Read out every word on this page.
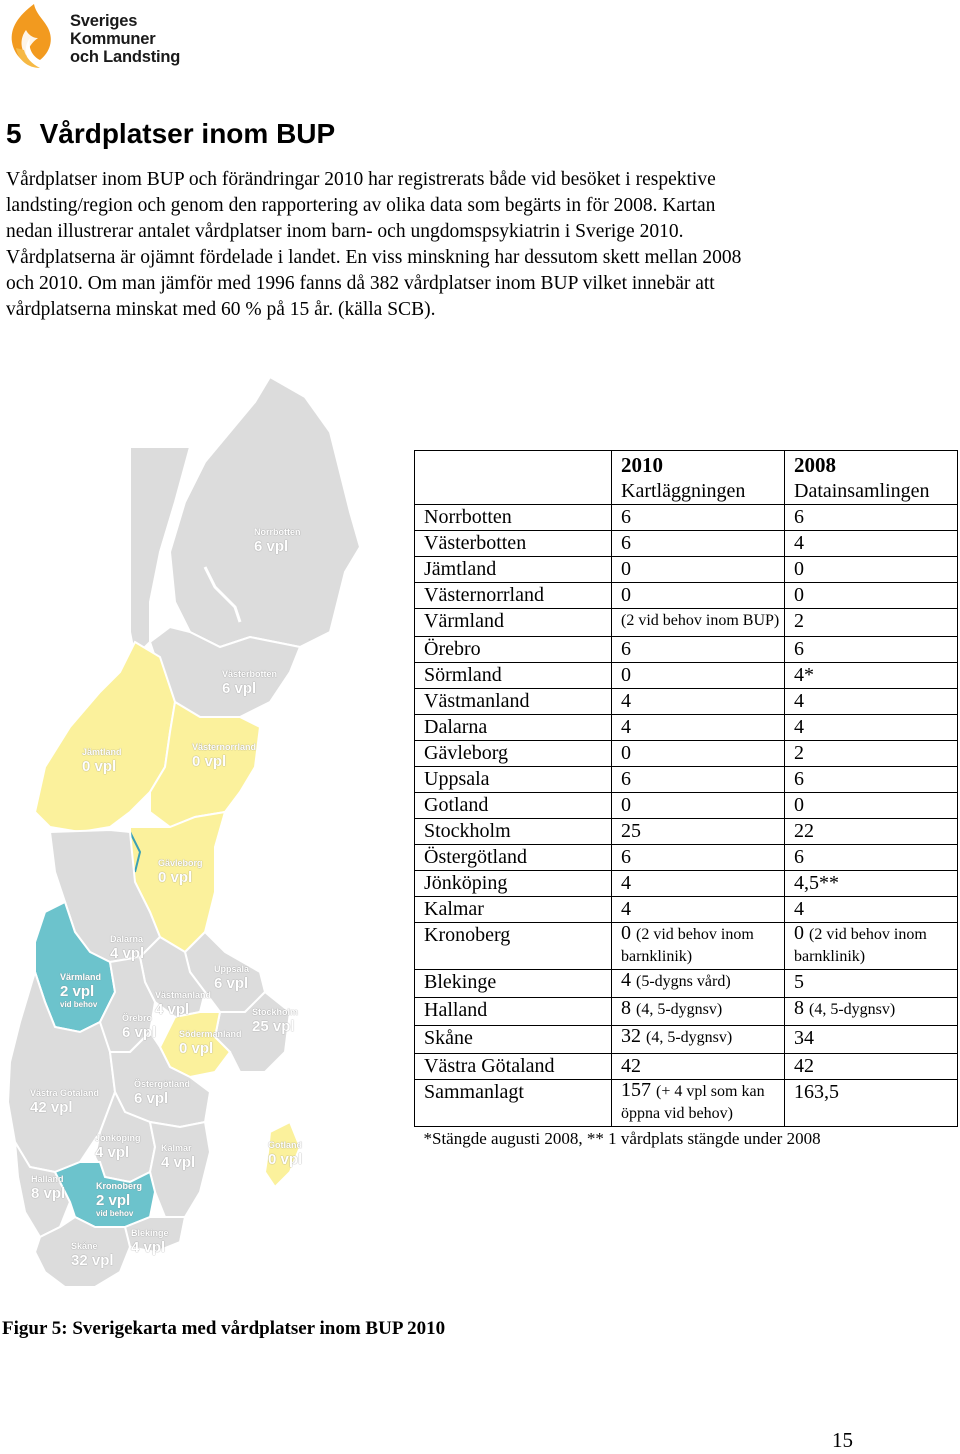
Sveriges
Kommuner
och Landsting
5 Vårdplatser inom BUP
Vårdplatser inom BUP och förändringar 2010 har registrerats både vid besöket i respektive
landsting/region och genom den rapportering av olika data som begärts in för 2008. Kartan
nedan illustrerar antalet vårdplatser inom barn- och ungdomspsykiatrin i Sverige 2010.
Vårdplatserna är ojämnt fördelade i landet. En viss minskning har dessutom skett mellan 2008
och 2010. Om man jämför med 1996 fanns då 382 vårdplatser inom BUP vilket innebär att
vårdplatserna minskat med 60 % på 15 år. (källa SCB).
Norrbotten
6 vpl
Västerbotten
6 vpl
Jämtland
0 vpl
Västernorrland
0 vpl
Gävleborg
0 vpl
Dalarna
4 vpl
Värmland
2 vpl
vid behov
Uppsala
6 vpl
Västmanland
4 vpl
Örebro
6 vpl
Stockholm
25 vpl
Södermanland
0 vpl
Västra Götaland
42 vpl
Östergötland
6 vpl
Jönköping
4 vpl	Kalmar
4 vpl
Gotland
0 vpl
Halland
8 vpl	Kronoberg
2 vpl
vid behov
Blekinge
4 vpl
Skåne
32 vpl
	2010	2008
	Kartläggningen	Datainsamlingen
Norrbotten	6	6
Västerbotten	6	4
Jämtland	0	0
Västernorrland	0	0
Värmland	(2 vid behov inom BUP)	2
Örebro	6	6
Sörmland	0	4*
Västmanland	4	4
Dalarna	4	4
Gävleborg	0	2
Uppsala	6	6
Gotland	0	0
Stockholm	25	22
Östergötland	6	6
Jönköping	4	4,5**
Kalmar	4	4
Kronoberg	0 (2 vid behov inom barnklinik)	0 (2 vid behov inom barnklinik)
Blekinge	4 (5-dygns vård)	5
Halland	8 (4, 5-dygnsv)	8 (4, 5-dygnsv)
Skåne	32 (4, 5-dygnsv)	34
Västra Götaland	42	42
Sammanlagt	157 (+ 4 vpl som kan öppna vid behov)	163,5
*Stängde augusti 2008, ** 1 vårdplats stängde under 2008		
Figur 5: Sverigekarta med vårdplatser inom BUP 2010
15
